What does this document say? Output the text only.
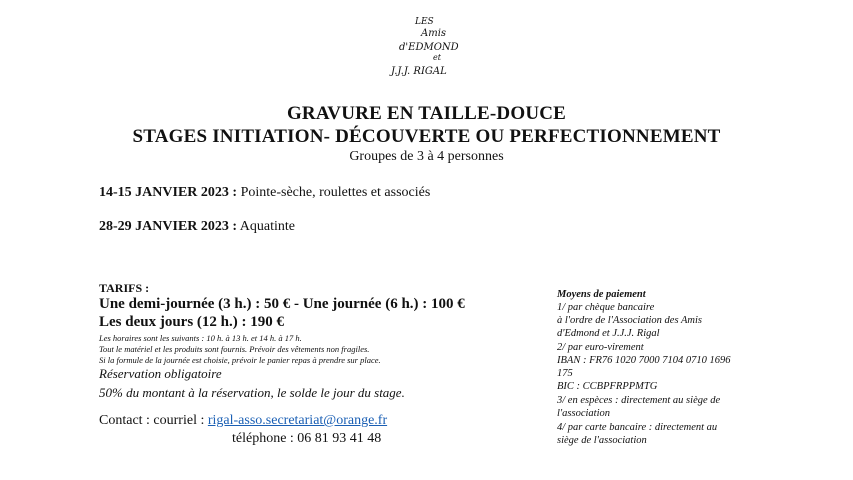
LES
Amis
d'EDMOND
et
J.J.J. RIGAL
GRAVURE EN TAILLE-DOUCE
STAGES INITIATION- DÉCOUVERTE OU PERFECTIONNEMENT
Groupes de 3 à 4 personnes
14-15 JANVIER 2023 : Pointe-sèche, roulettes et associés
28-29 JANVIER 2023 : Aquatinte
TARIFS :
Une demi-journée (3 h.) : 50 € - Une journée (6 h.) : 100 €
Les deux jours (12 h.) : 190 €
Les horaires sont les suivants : 10 h. à 13 h. et 14 h. à 17 h.
Tout le matériel et les produits sont fournis. Prévoir des vêtements non fragiles.
Si la formule de la journée est choisie, prévoir le panier repas à prendre sur place.
Réservation obligatoire
50% du montant à la réservation, le solde le jour du stage.
Contact : courriel : rigal-asso.secretariat@orange.fr
téléphone : 06 81 93 41 48
Moyens de paiement
1/ par chèque bancaire
à l'ordre de l'Association des Amis
d'Edmond et J.J.J. Rigal
2/ par euro-virement
IBAN : FR76 1020 7000 7104 0710 1696
175
BIC : CCBPFRPPMTG
3/ en espèces : directement au siège de
l'association
4/ par carte bancaire : directement au
siège de l'association
